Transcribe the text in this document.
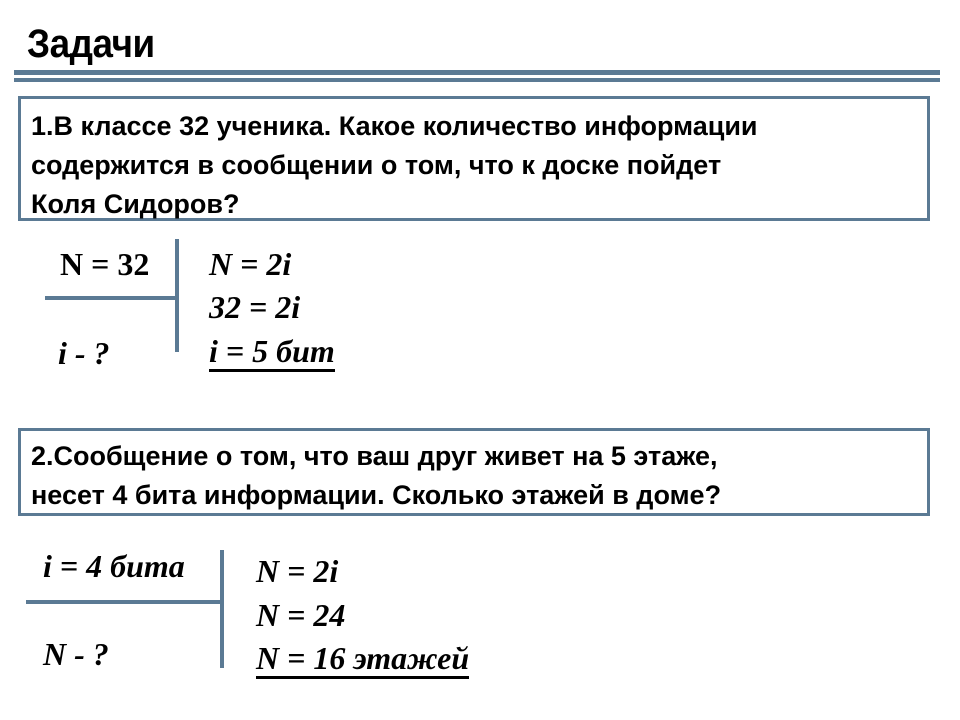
Задачи
1.В классе 32 ученика. Какое количество информации
содержится в сообщении о том, что к доске пойдет
Коля Сидоров?
N = 32
i - ?
N = 2i
32 = 2i
i = 5 бит
2.Сообщение о том, что ваш друг живет на 5 этаже,
несет 4 бита информации. Сколько этажей в доме?
i = 4 бита
N - ?
N = 2i
N = 24
N = 16 этажей
